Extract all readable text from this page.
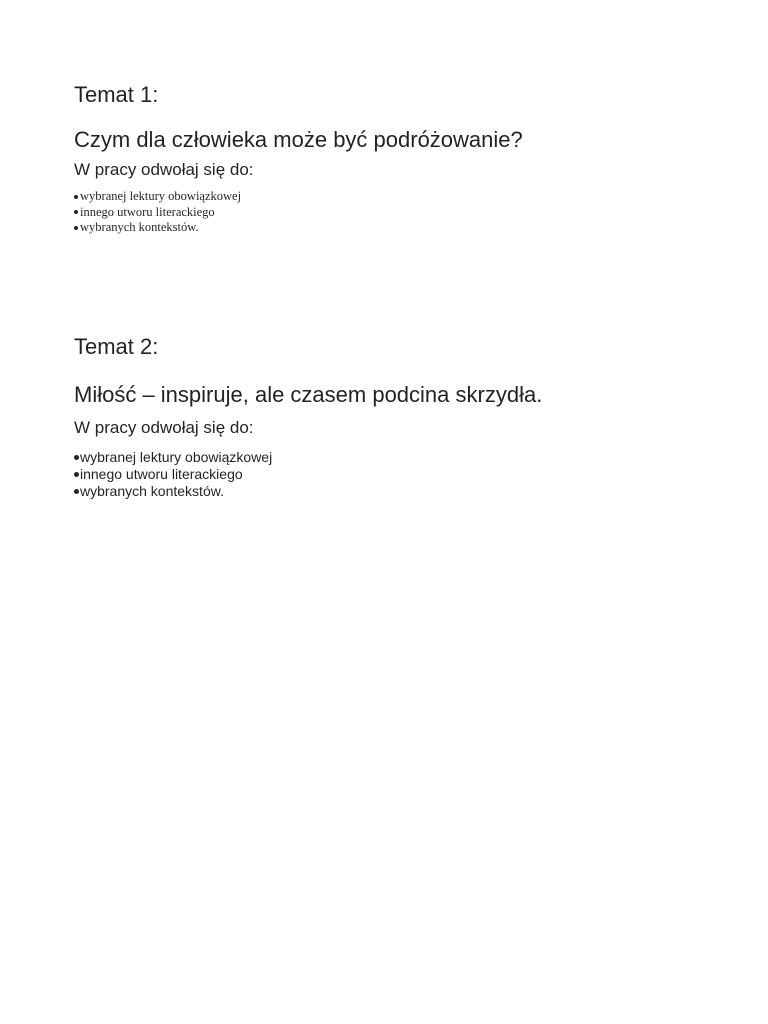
Temat 1:
Czym dla człowieka może być podróżowanie?

W pracy odwołaj się do:

wybranej lektury obowiązkowej
innego utworu literackiego
wybranych kontekstów.
Temat 2:
Miłość – inspiruje, ale czasem podcina skrzydła.

W pracy odwołaj się do:

wybranej lektury obowiązkowej
innego utworu literackiego
wybranych kontekstów.
